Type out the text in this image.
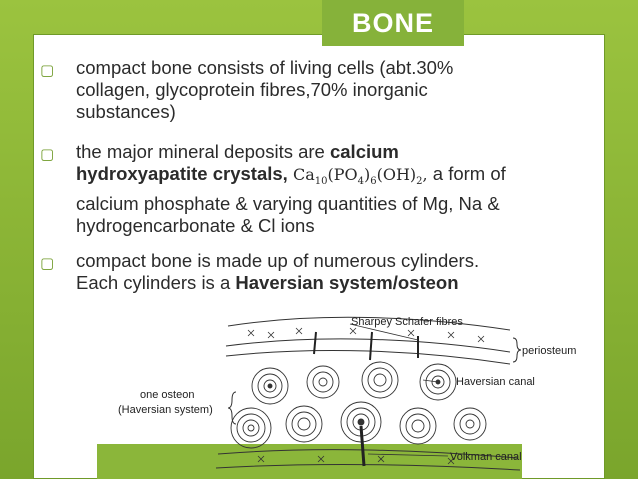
BONE
▢ compact bone consists of living cells (abt.30%
collagen, glycoprotein fibres,70% inorganic
substances)
▢ the major mineral deposits are calcium
hydroxyapatite crystals, $Ca_{10}(PO_4)_6(OH)_2$, a form of
calcium phosphate & varying quantities of Mg, Na &
hydrogencarbonate & Cl ions
▢ compact bone is made up of numerous cylinders.
Each cylinders is a Haversian system/osteon
Sharpey Schafer fibres
periosteum
Haversian canal
one osteon
(Haversian system)
Volkman canal
